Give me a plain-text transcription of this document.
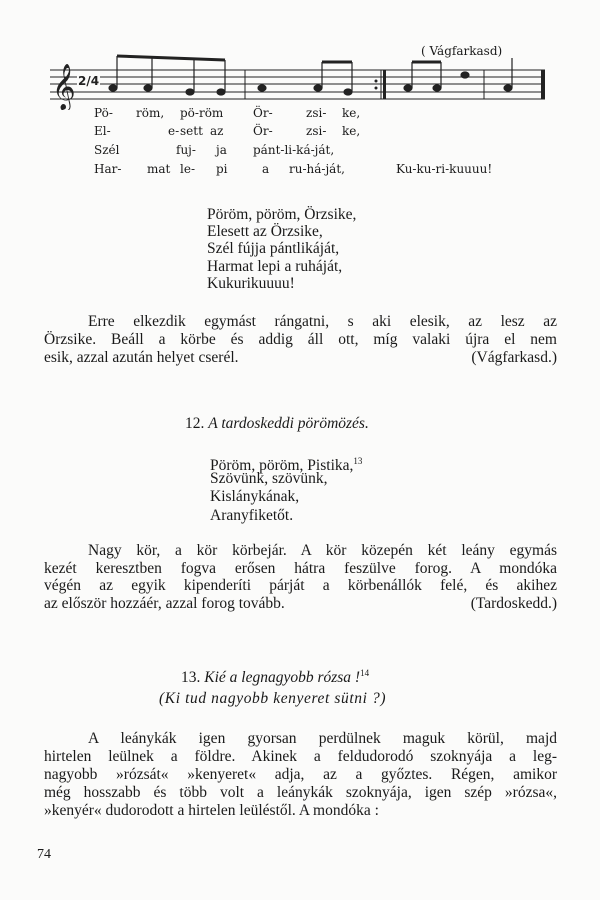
( Vágfarkasd)
𝄞 2/4
12. A tardoskeddi pörömözés.
13. Kié a legnagyobb rózsa !$^{14}$
(Ki tud nagyobb kenyeret sütni ?)
74
Pö- röm, pö-röm Ör-	zsi- ke,
El-	e- sett az Ör-	zsi- ke,
Szél	fuj- ja pánt-li-ká-ját,
Har- mat le- pi	a ru-há-ját,	Ku-ku-ri-kuuuu!
Pöröm, pöröm, Örzsike,
Elesett az Örzsike,
Szél fújja pántlikáját,
Harmat lepi a ruháját,
Kukurikuuuu!
Erre elkezdik egymást rángatni, s aki elesik, az lesz az
Örzsike. Beáll a körbe és addig áll ott, míg valaki újra el nem
esik, azzal azután helyet cserél.	(Vágfarkasd.)
Nagy kör, a kör körbejár. A kör közepén két leány egymás
kezét keresztben fogva erősen hátra feszülve forog. A mondóka
végén az egyik kipenderíti párját a körbenállók felé, és akihez
az először hozzáér, azzal forog tovább.	(Tardoskedd.)
A leánykák igen gyorsan perdülnek maguk körül, majd
hirtelen leülnek a földre. Akinek a feldudorodó szoknyája a leg-
nagyobb »rózsát« »kenyeret« adja, az a győztes. Régen, amikor
még hosszabb és több volt a leánykák szoknyája, igen szép »rózsa«,
»kenyér« dudorodott a hirtelen leüléstől. A mondóka :
Pöröm, pöröm, Pistika,$^{13}$
Szövünk, szövünk,
Kislánykának,
Aranyfiketőt.
